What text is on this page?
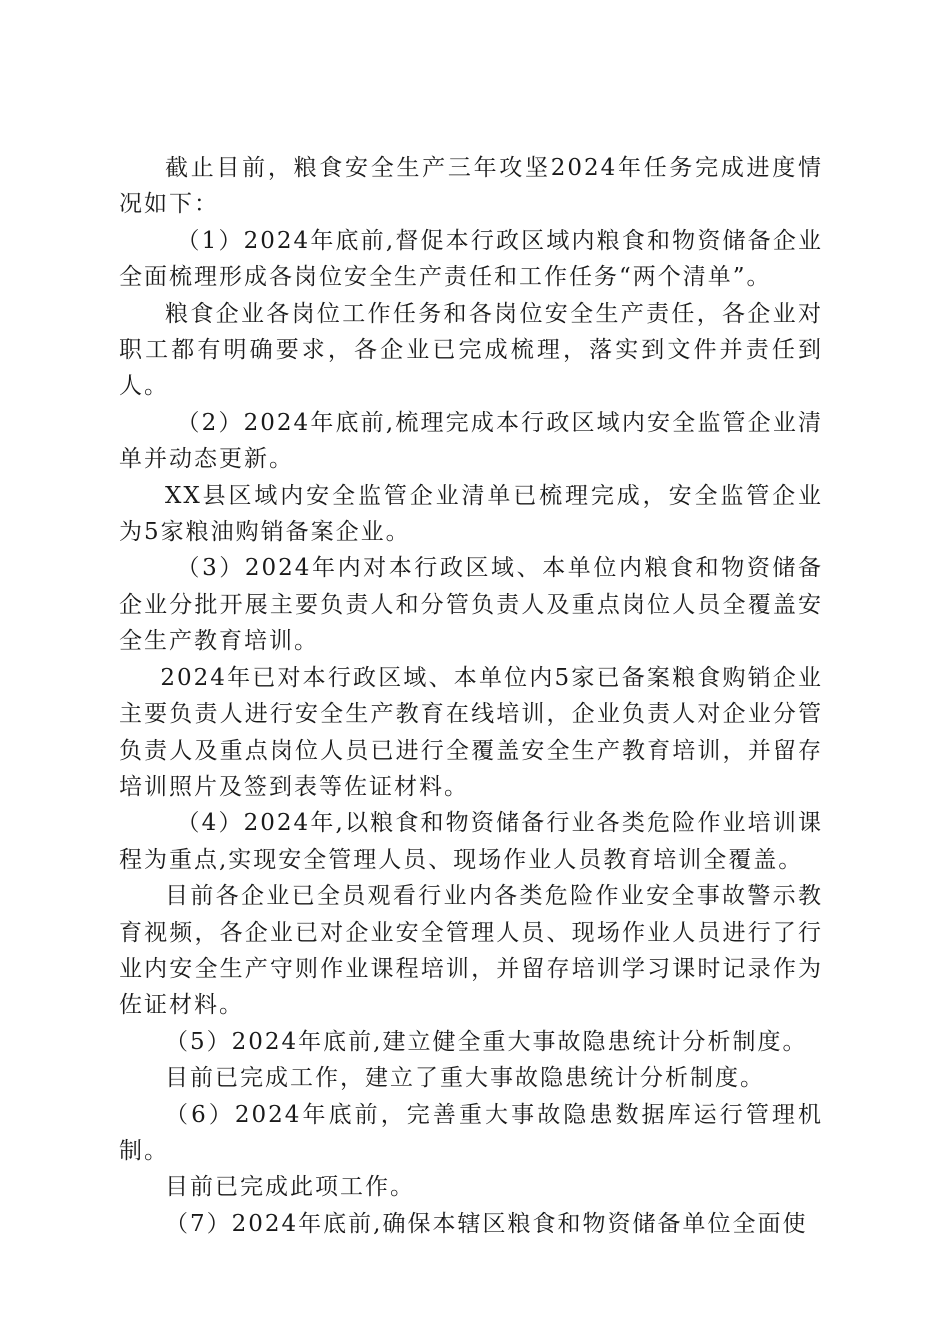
截止目前，粮食安全生产三年攻坚2024年任务完成进度情况如下：

（1）2024年底前,督促本行政区域内粮食和物资储备企业全面梳理形成各岗位安全生产责任和工作任务“两个清单”。

粮食企业各岗位工作任务和各岗位安全生产责任，各企业对职工都有明确要求，各企业已完成梳理，落实到文件并责任到人。

（2）2024年底前,梳理完成本行政区域内安全监管企业清单并动态更新。

XX县区域内安全监管企业清单已梳理完成，安全监管企业为5家粮油购销备案企业。

（3）2024年内对本行政区域、本单位内粮食和物资储备企业分批开展主要负责人和分管负责人及重点岗位人员全覆盖安全生产教育培训。

2024年已对本行政区域、本单位内5家已备案粮食购销企业主要负责人进行安全生产教育在线培训，企业负责人对企业分管负责人及重点岗位人员已进行全覆盖安全生产教育培训，并留存培训照片及签到表等佐证材料。

（4）2024年,以粮食和物资储备行业各类危险作业培训课程为重点,实现安全管理人员、现场作业人员教育培训全覆盖。

目前各企业已全员观看行业内各类危险作业安全事故警示教育视频，各企业已对企业安全管理人员、现场作业人员进行了行业内安全生产守则作业课程培训，并留存培训学习课时记录作为佐证材料。

（5）2024年底前,建立健全重大事故隐患统计分析制度。

目前已完成工作，建立了重大事故隐患统计分析制度。

（6）2024年底前，完善重大事故隐患数据库运行管理机制。

目前已完成此项工作。

（7）2024年底前,确保本辖区粮食和物资储备单位全面使
